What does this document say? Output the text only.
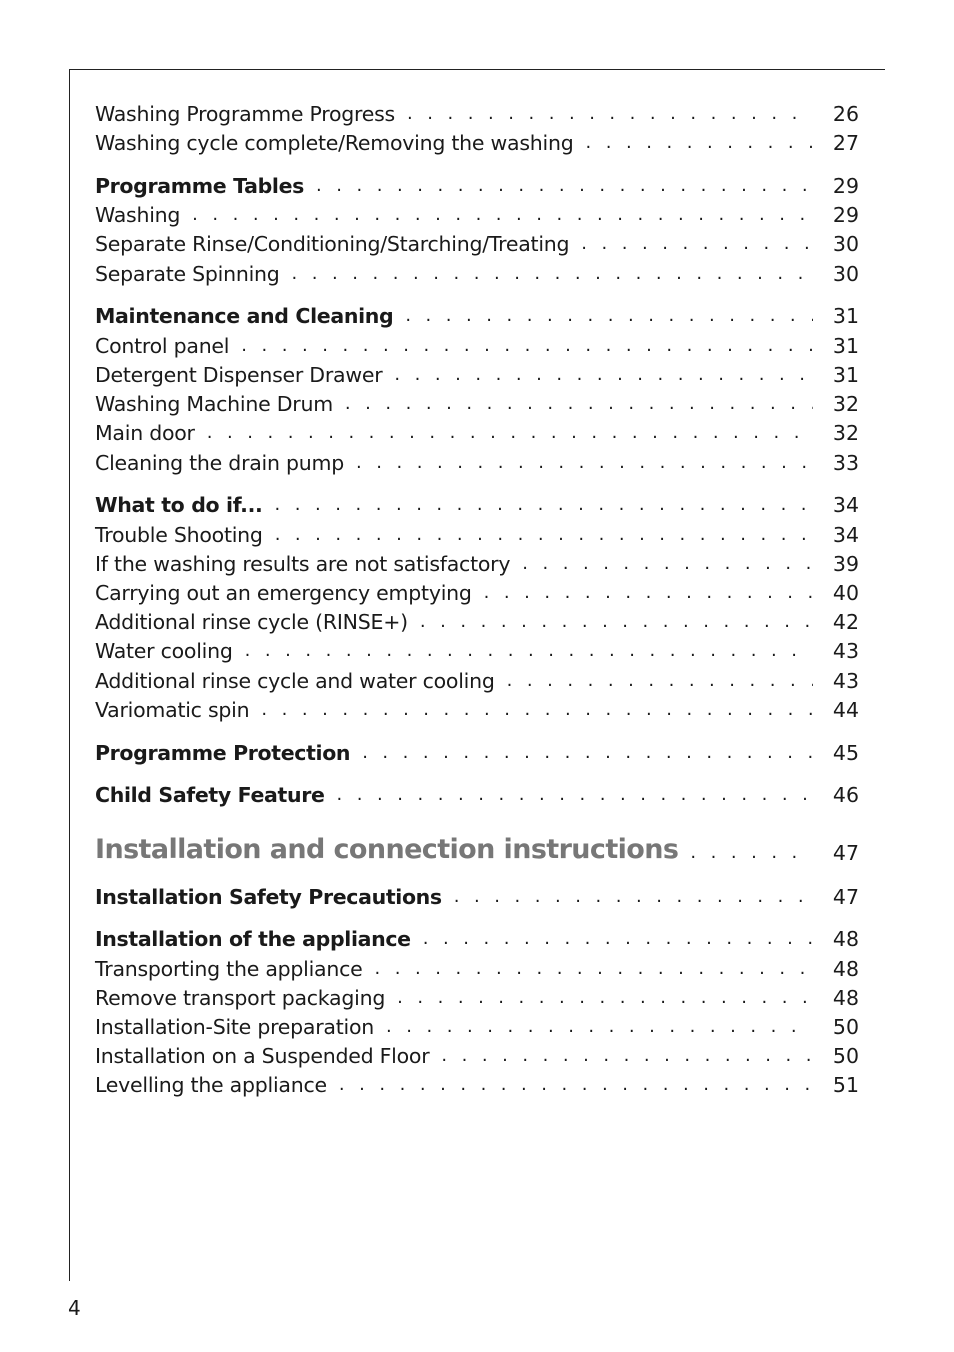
Washing Programme Progress . . .	26
Washing cycle complete/Removing the washing . . .	27
Programme Tables . . .	29
Washing . . .	29
Separate Rinse/Conditioning/Starching/Treating . . .	30
Separate Spinning . . .	30
Maintenance and Cleaning . . .	31
Control panel . . .	31
Detergent Dispenser Drawer . . .	31
Washing Machine Drum . . .	32
Main door . . .	32
Cleaning the drain pump . . .	33
What to do if... . . .	34
Trouble Shooting . . .	34
If the washing results are not satisfactory . . .	39
Carrying out an emergency emptying . . .	40
Additional rinse cycle (RINSE+) . . .	42
Water cooling . . .	43
Additional rinse cycle and water cooling . . .	43
Variomatic spin . . .	44
Programme Protection . . .	45
Child Safety Feature . . .	46
Installation and connection instructions . . .	47
Installation Safety Precautions . . .	47
Installation of the appliance . . .	48
Transporting the appliance . . .	48
Remove transport packaging . . .	48
Installation-Site preparation . . .	50
Installation on a Suspended Floor . . .	50
Levelling the appliance . . .	51
4
